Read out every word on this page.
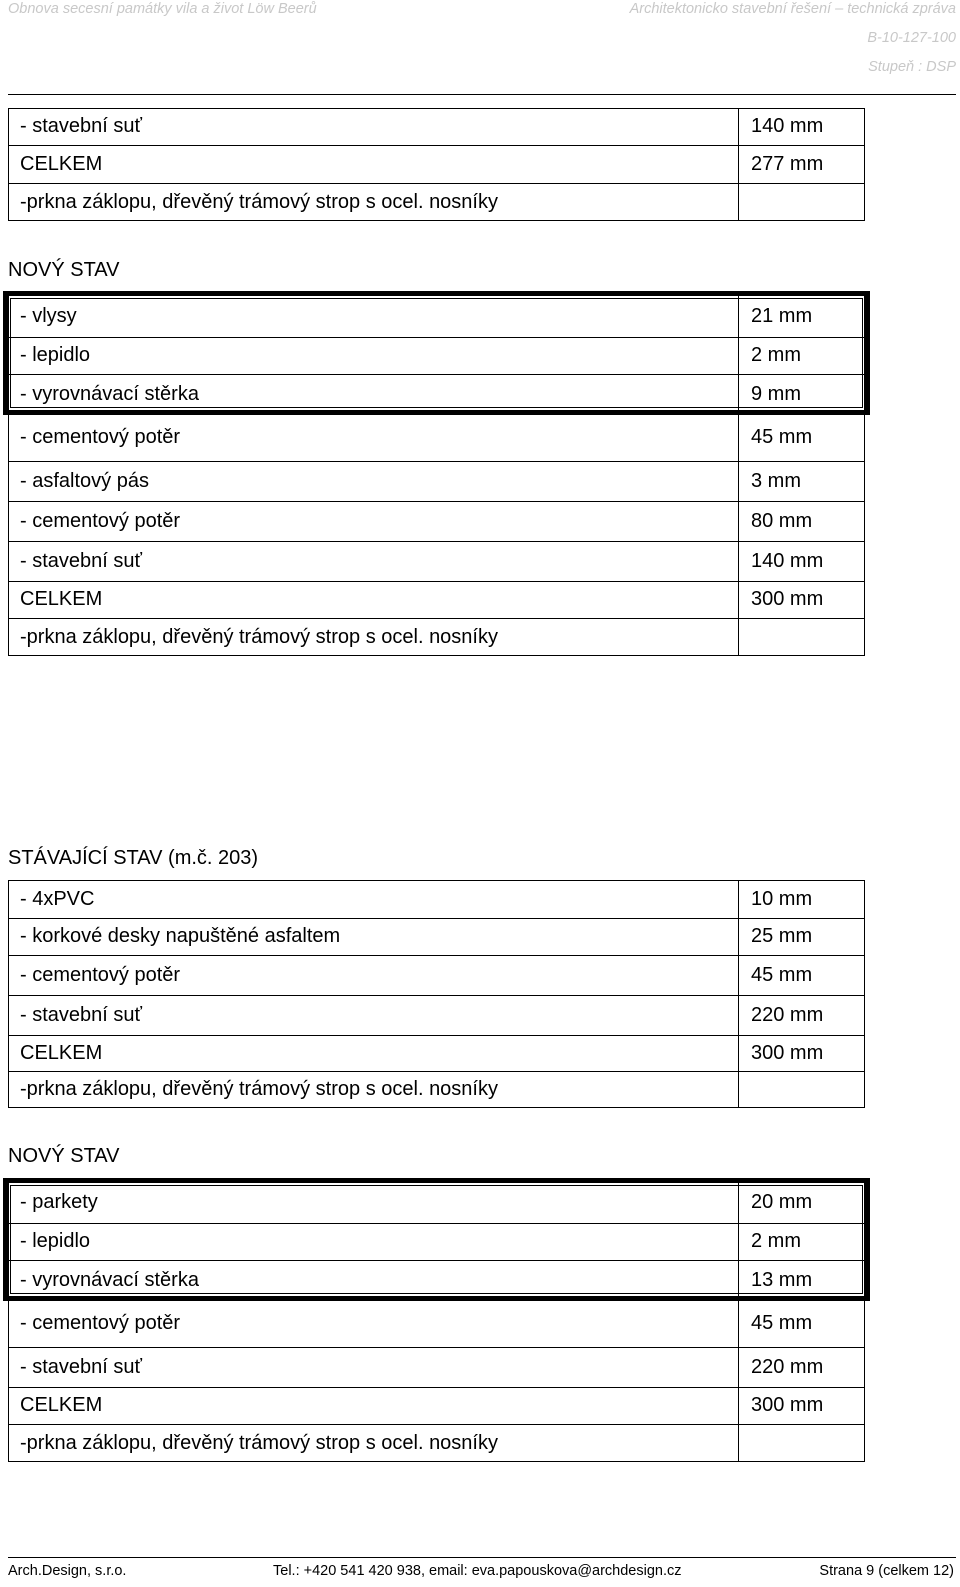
Obnova secesní památky vila a život Löw Beerů	Architektonicko stavební řešení – technická zpráva
B-10-127-100
Stupeň : DSP
- stavební suť	140 mm
CELKEM	277 mm
-prkna záklopu, dřevěný trámový strop s ocel. nosníky
NOVÝ STAV
- vlysy	21 mm
- lepidlo	2 mm
- vyrovnávací stěrka	9 mm
- cementový potěr	45 mm
- asfaltový pás	3 mm
- cementový potěr	80 mm
- stavební suť	140 mm
CELKEM	300 mm
-prkna záklopu, dřevěný trámový strop s ocel. nosníky
STÁVAJÍCÍ STAV (m.č. 203)
- 4xPVC	10 mm
- korkové desky napuštěné asfaltem	25 mm
- cementový potěr	45 mm
- stavební suť	220 mm
CELKEM	300 mm
-prkna záklopu, dřevěný trámový strop s ocel. nosníky
NOVÝ STAV
- parkety	20 mm
- lepidlo	2 mm
- vyrovnávací stěrka	13 mm
- cementový potěr	45 mm
- stavební suť	220 mm
CELKEM	300 mm
-prkna záklopu, dřevěný trámový strop s ocel. nosníky
Arch.Design, s.r.o.	Tel.: +420 541 420 938, email: eva.papouskova@archdesign.cz	Strana 9 (celkem 12)
